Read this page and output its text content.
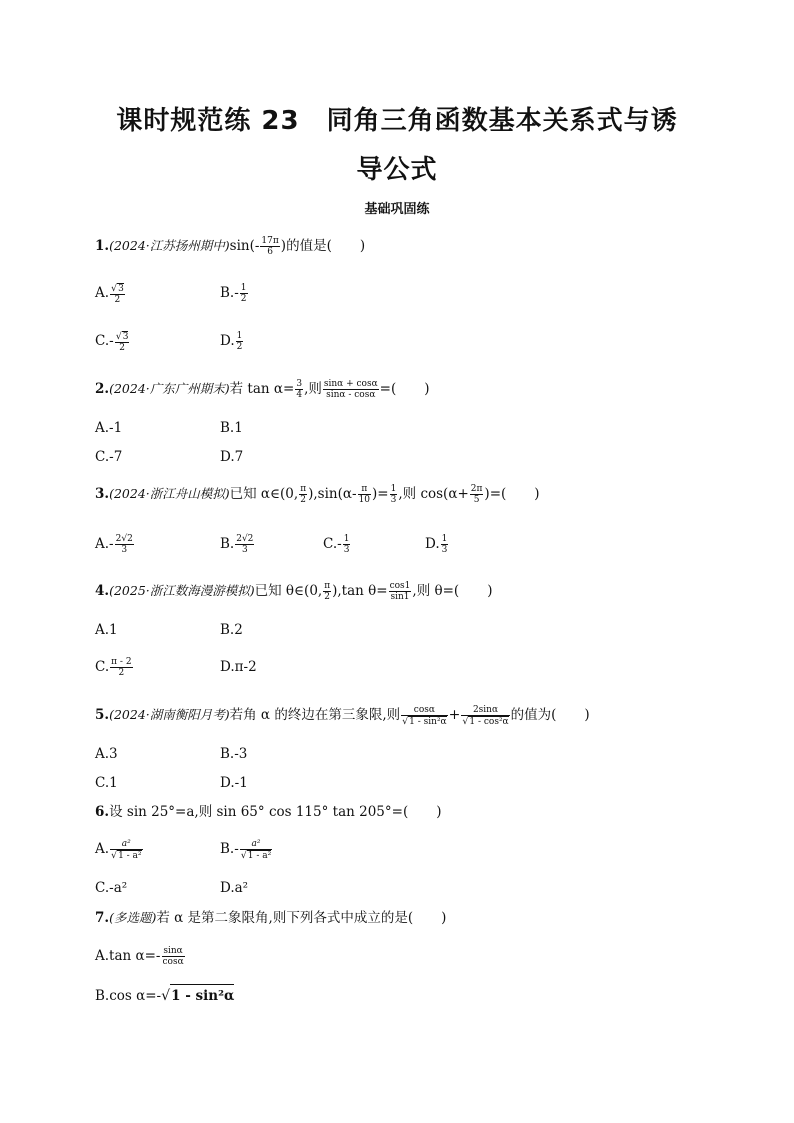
课时规范练 23　同角三角函数基本关系式与诱
导公式
基础巩固练
1.(2024·江苏扬州期中)$\sin(- \frac{17\pi}{6}$ )的值是( )
A. $\frac{√3}{2}$	$B.- \frac{1}{2}$
$C.- \frac{√3}{2}$	D. $\frac{1}{2}$
2.(2024·广东广州期末)若 $\tan \alpha= \frac{3}{4}$ ,则 $\frac{\sin\alpha + \cos\alpha}{\sin\alpha - \cos\alpha}$ =( )
A.-1	B.1
C.-7	D.7
3.(2024·浙江舟山模拟)已知 α∈(0, $\frac{\pi}{2} ),\sin(\alpha- \frac{\pi}{10}$ )= $\frac{1}{3}$ ,则 $\cos(\alpha+ \frac{2\pi}{5}$ )=( )
$A.- \frac{2√2}{3}$	B. $\frac{2√2}{3}$	$C.- \frac{1}{3}$	D. $\frac{1}{3}$
4.(2025·浙江数海漫游模拟)已知 θ∈(0, $\frac{\pi}{2} ),\tan$ $\theta= \frac{\cos 1}{\sin 1}$ ,则 θ=( )
A.1	B.2
C. $\frac{\pi - 2}{2}$	D.π-2
5.(2024·湖南衡阳月考)若角 α 的终边在第三象限,则 $\frac{\cos\alpha}{\text{√1 - sin²α}} + \frac{2\sin\alpha}{\text{√1 - cos²α}}$ 的值为( )
A.3	B.-3
C.1	D.-1
6.设 sin 25°=a,则 sin 65° cos 115° tan 205°=( )
A. $\frac{\text{a²}}{\text{√1 - a²}}$	$B.- \frac{\text{a²}}{\text{√1 - a²}}$
C.-a²	D.a²
7.(多选题)若 α 是第二象限角,则下列各式中成立的是( )
A.tan $\alpha=- \frac{\sin\alpha}{\cos\alpha}$
B.cos α=-√1 - sin²α
